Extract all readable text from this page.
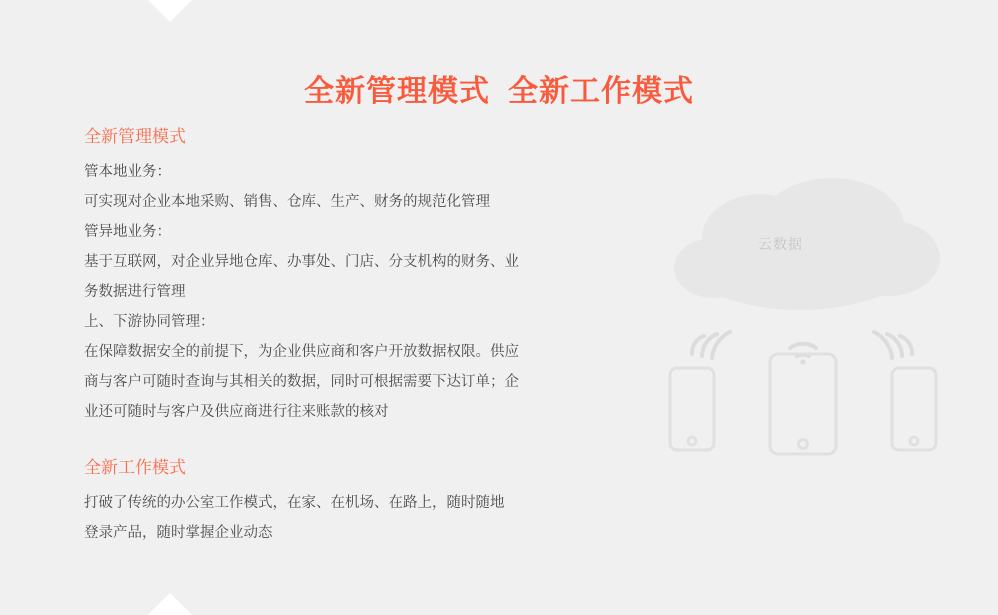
全新管理模式 全新工作模式
全新管理模式

管本地业务：

可实现对企业本地采购、销售、仓库、生产、财务的规范化管理

管异地业务：

基于互联网，对企业异地仓库、办事处、门店、分支机构的财务、业

务数据进行管理

上、下游协同管理：

在保障数据安全的前提下，为企业供应商和客户开放数据权限。供应

商与客户可随时查询与其相关的数据，同时可根据需要下达订单；企

业还可随时与客户及供应商进行往来账款的核对

全新工作模式

打破了传统的办公室工作模式，在家、在机场、在路上，随时随地

登录产品，随时掌握企业动态

云数据
